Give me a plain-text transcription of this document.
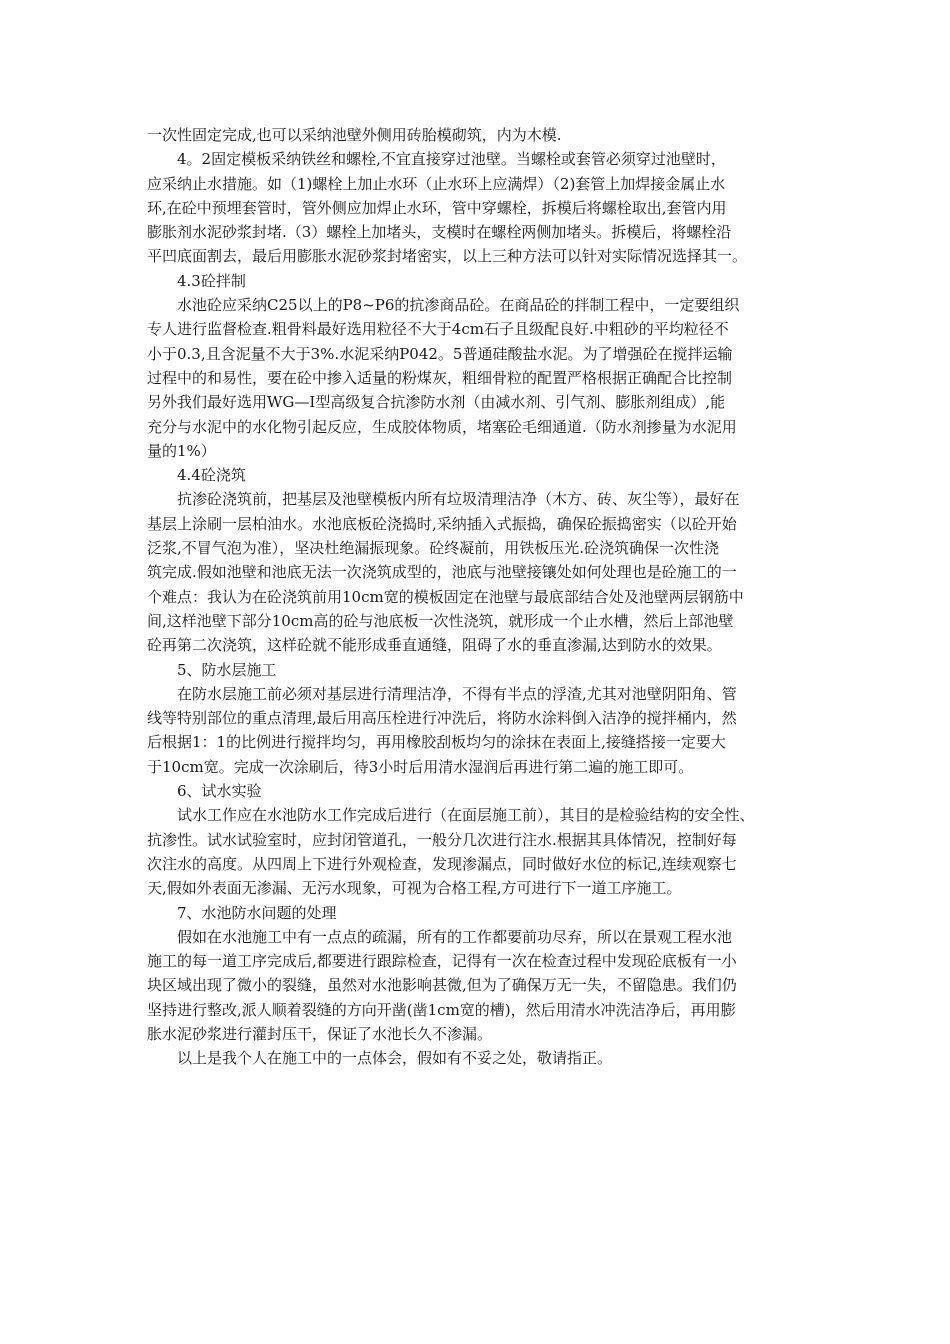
一次性固定完成,也可以采纳池壁外侧用砖胎模砌筑，内为木模.
4。2固定模板采纳铁丝和螺栓,不宜直接穿过池壁。当螺栓或套管必须穿过池壁时，
应采纳止水措施。如（1)螺栓上加止水环（止水环上应满焊）（2)套管上加焊接金属止水
环,在砼中预埋套管时，管外侧应加焊止水环，管中穿螺栓，拆模后将螺栓取出,套管内用
膨胀剂水泥砂浆封堵.（3）螺栓上加堵头，支模时在螺栓两侧加堵头。拆模后，将螺栓沿
平凹底面割去，最后用膨胀水泥砂浆封堵密实，以上三种方法可以针对实际情况选择其一。
4.3砼拌制
水池砼应采纳C25以上的P8~P6的抗渗商品砼。在商品砼的拌制工程中，一定要组织
专人进行监督检查.粗骨料最好选用粒径不大于4cm石子且级配良好.中粗砂的平均粒径不
小于0.3,且含泥量不大于3%.水泥采纳P042。5普通硅酸盐水泥。为了增强砼在搅拌运输
过程中的和易性，要在砼中掺入适量的粉煤灰，粗细骨粒的配置严格根据正确配合比控制
另外我们最好选用WG—Ⅰ型高级复合抗渗防水剂（由减水剂、引气剂、膨胀剂组成）,能
充分与水泥中的水化物引起反应，生成胶体物质，堵塞砼毛细通道.（防水剂掺量为水泥用
量的1%）
4.4砼浇筑
抗渗砼浇筑前，把基层及池壁模板内所有垃圾清理洁净（木方、砖、灰尘等），最好在
基层上涂刷一层柏油水。水池底板砼浇捣时,采纳插入式振捣，确保砼振捣密实（以砼开始
泛浆,不冒气泡为准），坚决杜绝漏振现象。砼终凝前，用铁板压光.砼浇筑确保一次性浇
筑完成.假如池壁和池底无法一次浇筑成型的，池底与池壁接镶处如何处理也是砼施工的一
个难点：我认为在砼浇筑前用10cm宽的模板固定在池壁与最底部结合处及池壁两层钢筋中
间,这样池壁下部分10cm高的砼与池底板一次性浇筑，就形成一个止水槽，然后上部池壁
砼再第二次浇筑，这样砼就不能形成垂直通缝，阻碍了水的垂直渗漏,达到防水的效果。
5、防水层施工
在防水层施工前必须对基层进行清理洁净，不得有半点的浮渣,尤其对池壁阴阳角、管
线等特别部位的重点清理,最后用高压栓进行冲洗后，将防水涂料倒入洁净的搅拌桶内，然
后根据1：1的比例进行搅拌均匀，再用橡胶刮板均匀的涂抹在表面上,接缝搭接一定要大
于10cm宽。完成一次涂刷后，待3小时后用清水湿润后再进行第二遍的施工即可。
6、试水实验
试水工作应在水池防水工作完成后进行（在面层施工前），其目的是检验结构的安全性、
抗渗性。试水试验室时，应封闭管道孔，一般分几次进行注水.根据其具体情况，控制好每
次注水的高度。从四周上下进行外观检查，发现渗漏点，同时做好水位的标记,连续观察七
天,假如外表面无渗漏、无污水现象，可视为合格工程,方可进行下一道工序施工。
7、水池防水问题的处理
假如在水池施工中有一点点的疏漏，所有的工作都要前功尽弃，所以在景观工程水池
施工的每一道工序完成后,都要进行跟踪检查，记得有一次在检查过程中发现砼底板有一小
块区域出现了微小的裂缝，虽然对水池影响甚微,但为了确保万无一失，不留隐患。我们仍
坚持进行整改,派人顺着裂缝的方向开凿(凿1cm宽的槽)，然后用清水冲洗洁净后，再用膨
胀水泥砂浆进行灌封压干，保证了水池长久不渗漏。
以上是我个人在施工中的一点体会，假如有不妥之处，敬请指正。
